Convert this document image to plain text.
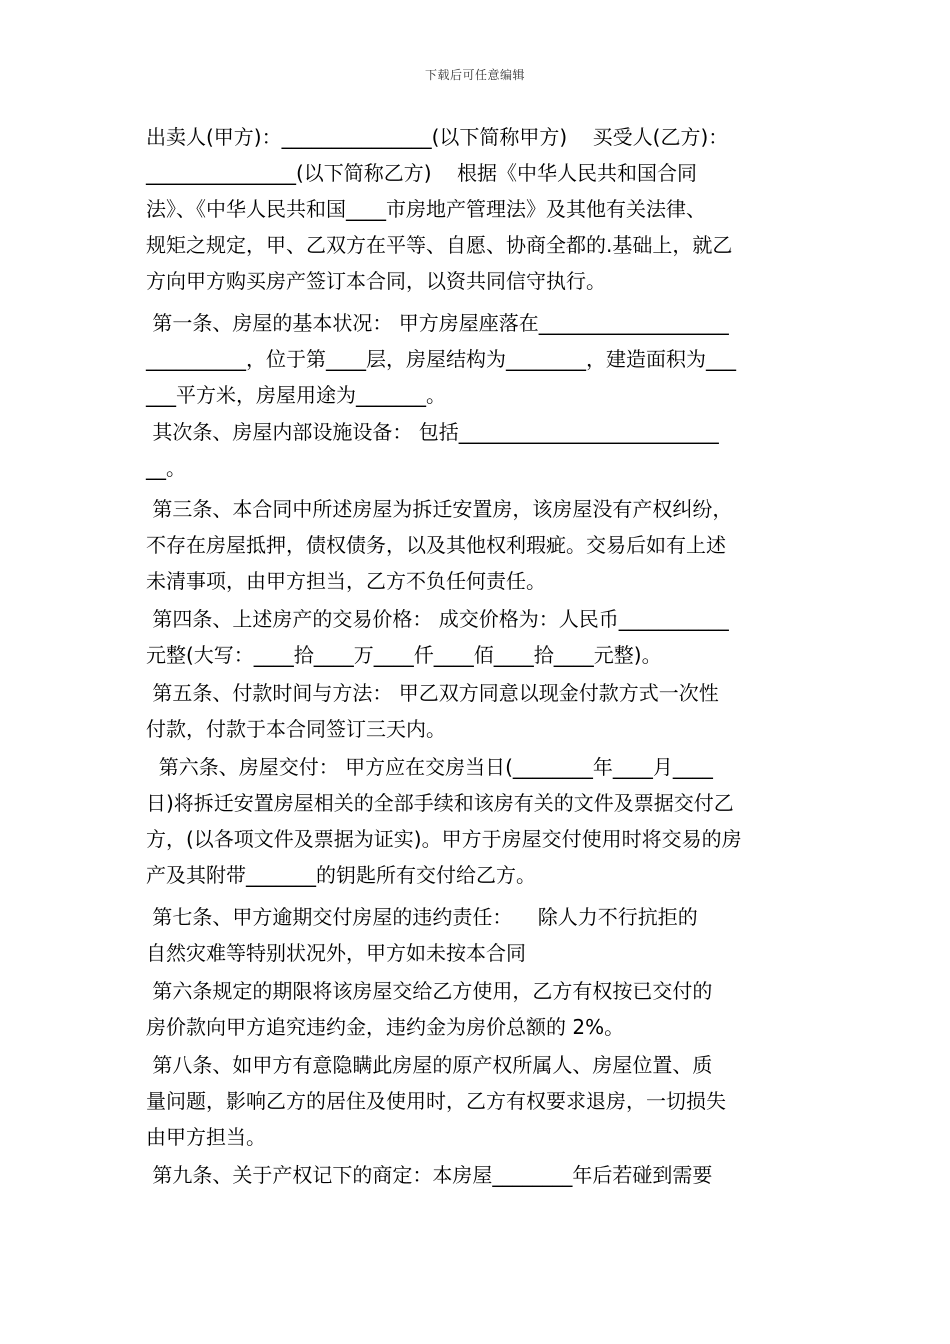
下载后可任意编辑
出卖人(甲方)：_______________(以下简称甲方)    买受人(乙方)：
_______________(以下简称乙方)    根据《中华人民共和国合同
法》、《中华人民共和国____市房地产管理法》及其他有关法律、
规矩之规定，甲、乙双方在平等、自愿、协商全都的.基础上，就乙
方向甲方购买房产签订本合同，以资共同信守执行。
第一条、房屋的基本状况： 甲方房屋座落在___________________
__________，位于第____层，房屋结构为________，建造面积为___
___平方米，房屋用途为_______。
其次条、房屋内部设施设备： 包括__________________________
__。
第三条、本合同中所述房屋为拆迁安置房，该房屋没有产权纠纷，
不存在房屋抵押，债权债务，以及其他权利瑕疵。交易后如有上述
未清事项，由甲方担当，乙方不负任何责任。
第四条、上述房产的交易价格： 成交价格为：人民币___________
元整(大写：____拾____万____仟____佰____拾____元整)。
第五条、付款时间与方法： 甲乙双方同意以现金付款方式一次性
付款，付款于本合同签订三天内。
第六条、房屋交付： 甲方应在交房当日(________年____月____
日)将拆迁安置房屋相关的全部手续和该房有关的文件及票据交付乙
方，(以各项文件及票据为证实)。甲方于房屋交付使用时将交易的房
产及其附带_______的钥匙所有交付给乙方。
第七条、甲方逾期交付房屋的违约责任：    除人力不行抗拒的
自然灾难等特别状况外，甲方如未按本合同
第六条规定的期限将该房屋交给乙方使用，乙方有权按已交付的
房价款向甲方追究违约金，违约金为房价总额的 2%。
第八条、如甲方有意隐瞒此房屋的原产权所属人、房屋位置、质
量问题，影响乙方的居住及使用时，乙方有权要求退房，一切损失
由甲方担当。
第九条、关于产权记下的商定：本房屋________年后若碰到需要
